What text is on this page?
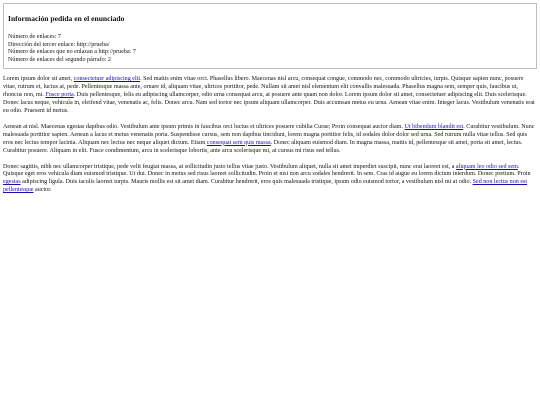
Información pedida en el enunciado
Número de enlaces: 7
Dirección del tercer enlace: http://prueba/
Número de enlaces que no enlazan a http://prueba: 7
Número de enlaces del segundo párrafo: 2

Lorem ipsum dolor sit amet, consectetuer adipiscing elit. Sed mattis enim vitae orci. Phasellus libero. Maecenas nisl arcu, consequat congue, commodo nec, commodo ultricies, turpis. Quisque sapien nunc, posuere vitae, rutrum et, luctus at, pede. Pellentesque massa ante, ornare id, aliquam vitae, ultrices porttitor, pede. Nullam sit amet nisl elementum elit convallis malesuada. Phasellus magna sem, semper quis, faucibus ut, rhoncus non, mi. Fusce porta. Duis pellentesque, felis eu adipiscing ullamcorper, odio urna consequat arcu, at posuere ante quam non dolor. Lorem ipsum dolor sit amet, consectetuer adipiscing elit. Duis scelerisque. Donec lacus neque, vehicula in, eleifend vitae, venenatis ac, felis. Donec arcu. Nam sed tortor nec ipsum aliquam ullamcorper. Duis accumsan metus eu urna. Aenean vitae enim. Integer lacus. Vestibulum venenatis erat eu odio. Praesent id metus.

Aenean at nisl. Maecenas egestas dapibus odio. Vestibulum ante ipsum primis in faucibus orci luctus et ultrices posuere cubilia Curae; Proin consequat auctor diam. Ut bibendum blandit est. Curabitur vestibulum. Nunc malesuada porttitor sapien. Aenean a lacus et metus venenatis porta. Suspendisse cursus, sem non dapibus tincidunt, lorem magna porttitor felis, id sodales dolor dolor sed urna. Sed rutrum nulla vitae tellus. Sed quis eros nec lectus tempor lacinia. Aliquam nec lectus nec neque aliquet dictum. Etiam consequat sem quis massa. Donec aliquam euismod diam. In magna massa, mattis id, pellentesque sit amet, porta sit amet, lectus. Curabitur posuere. Aliquam in elit. Fusce condimentum, arcu in scelerisque lobortis, ante arcu scelerisque mi, at cursus mi risus sed tellus.

Donec sagittis, nibh nec ullamcorper tristique, pede velit feugiat massa, at sollicitudin justo tellus vitae justo. Vestibulum aliquet, nulla sit amet imperdiet suscipit, nunc erat laoreet est, a aliquam leo odio sed sem. Quisque eget eros vehicula diam euismod tristique. Ut dui. Donec in metus sed risus laoreet sollicitudin. Proin et nisi non arcu sodales hendrerit. In sem. Cras id augue eu lorem dictum interdum. Donec pretium. Proin egestas adipiscing ligula. Duis iaculis laoreet turpis. Mauris mollis est sit amet diam. Curabitur hendrerit, eros quis malesuada tristique, ipsum odio euismod tortor, a vestibulum nisl mi at odio. Sed non lectus non est pellentesque auctor.
